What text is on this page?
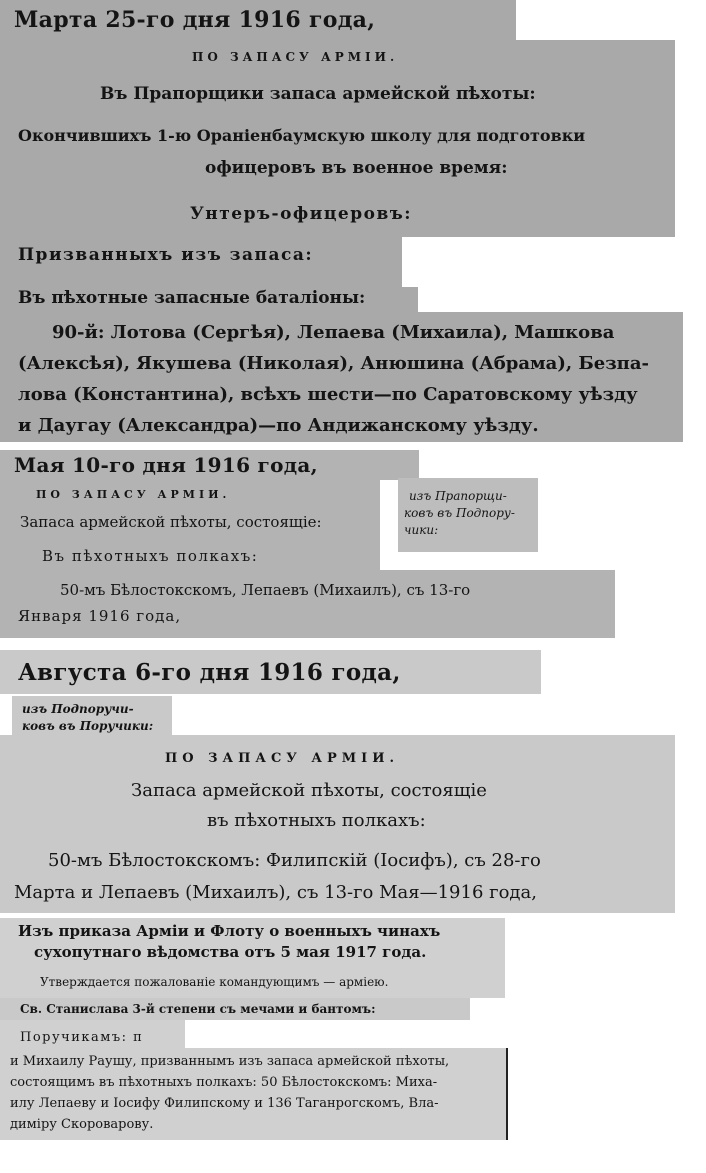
Марта 25-го дня 1916 года,
ПО ЗАПАСУ АРМІИ.
Въ Прапорщики запаса армейской пѣхоты:
Окончившихъ 1-ю Ораніенбаумскую школу для подготовки
офицеровъ въ военное время:
Унтеръ-офицеровъ:
Призванныхъ изъ запаса:
Въ пѣхотные запасные баталіоны:
90-й: Лотова (Сергѣя), Лепаева (Михаила), Машкова
(Алексѣя), Якушева (Николая), Анюшина (Абрама), Безпа-
лова (Константина), всѣхъ шести—по Саратовскому уѣзду
и Даугау (Александра)—по Андижанскому уѣзду.
Мая 10-го дня 1916 года,
ПО ЗАПАСУ АРМІИ.
Запаса армейской пѣхоты, состоящіе:
Въ пѣхотныхъ полкахъ:
50-мъ Бѣлостокскомъ, Лепаевъ (Михаилъ), съ 13-го
Января 1916 года,
изъ Прапорщи-
ковъ въ Подпору-
чики:
Августа 6-го дня 1916 года,
изъ Подпоручи-
ковъ въ Поручики:
ПО ЗАПАСУ АРМІИ.
Запаса армейской пѣхоты, состоящіе
въ пѣхотныхъ полкахъ:
50-мъ Бѣлостокскомъ: Филипскій (Іосифъ), съ 28-го
Марта и Лепаевъ (Михаилъ), съ 13-го Мая—1916 года,
Изъ приказа Арміи и Флоту о военныхъ чинахъ
сухопутнаго вѣдомства отъ 5 мая 1917 года.
Утверждается пожалованіе командующимъ — арміею.
Св. Станислава 3-й степени съ мечами и бантомъ:
Поручикамъ: п
и Михаилу Раушу, призваннымъ изъ запаса армейской пѣхоты,
состоящимъ въ пѣхотныхъ полкахъ: 50 Бѣлостокскомъ: Миха-
илу Лепаеву и Іосифу Филипскому и 136 Таганрогскомъ, Вла-
диміру Скороварову.
